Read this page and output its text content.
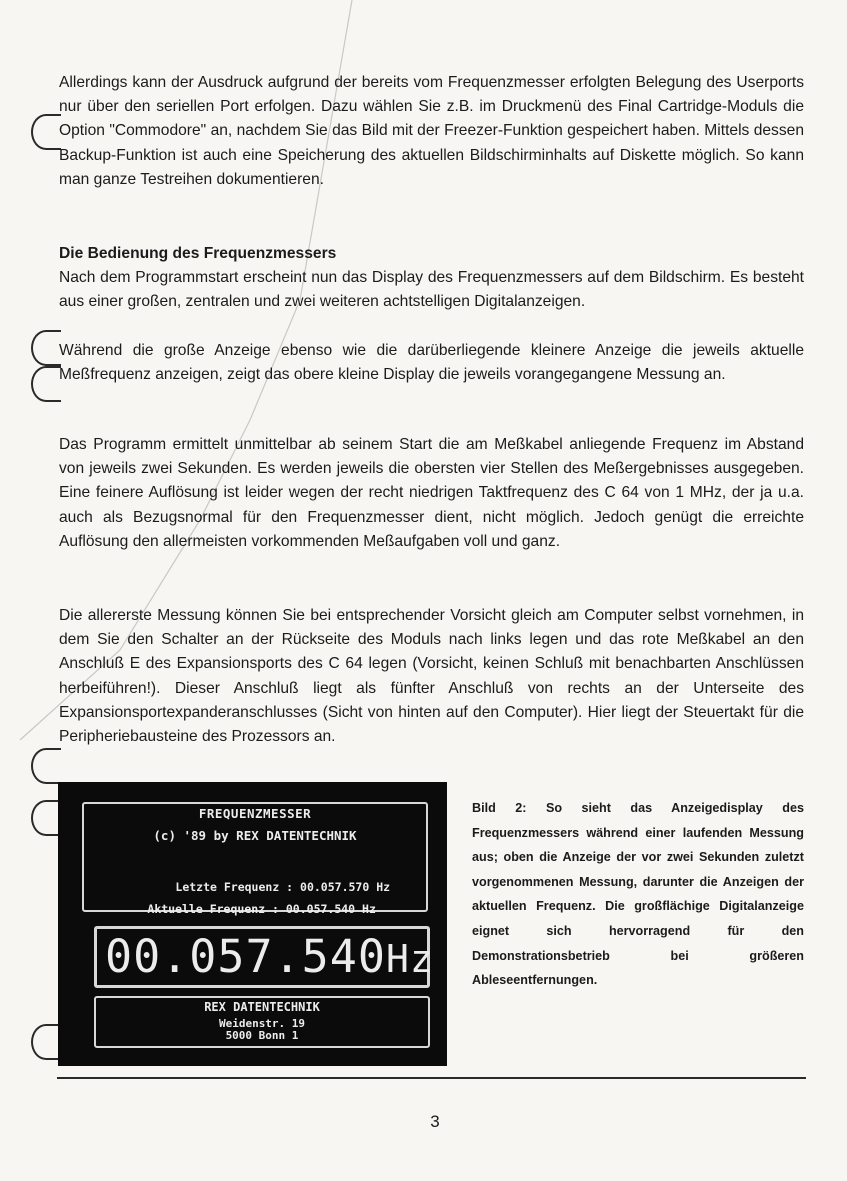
Allerdings kann der Ausdruck aufgrund der bereits vom Frequenzmesser erfolgten Belegung des Userports nur über den seriellen Port erfolgen. Dazu wählen Sie z.B. im Druckmenü des Final Cartridge-Moduls die Option "Commodore" an, nachdem Sie das Bild mit der Freezer-Funktion gespeichert haben. Mittels dessen Backup-Funktion ist auch eine Speicherung des aktuellen Bildschirminhalts auf Diskette möglich. So kann man ganze Testreihen dokumentieren.

Die Bedienung des Frequenzmessers

Nach dem Programmstart erscheint nun das Display des Frequenzmessers auf dem Bildschirm. Es besteht aus einer großen, zentralen und zwei weiteren achtstelligen Digitalanzeigen.

Während die große Anzeige ebenso wie die darüberliegende kleinere Anzeige die jeweils aktuelle Meßfrequenz anzeigen, zeigt das obere kleine Display die jeweils vorangegangene Messung an.

Das Programm ermittelt unmittelbar ab seinem Start die am Meßkabel anliegende Frequenz im Abstand von jeweils zwei Sekunden. Es werden jeweils die obersten vier Stellen des Meßergebnisses ausgegeben. Eine feinere Auflösung ist leider wegen der recht niedrigen Taktfrequenz des C 64 von 1 MHz, der ja u.a. auch als Bezugsnormal für den Frequenzmesser dient, nicht möglich. Jedoch genügt die erreichte Auflösung den allermeisten vorkommenden Meßaufgaben voll und ganz.

Die allererste Messung können Sie bei entsprechender Vorsicht gleich am Computer selbst vornehmen, in dem Sie den Schalter an der Rückseite des Moduls nach links legen und das rote Meßkabel an den Anschluß E des Expansionsports des C 64 legen (Vorsicht, keinen Schluß mit benachbarten Anschlüssen herbeiführen!). Dieser Anschluß liegt als fünfter Anschluß von rechts an der Unterseite des Expansionsportexpanderanschlusses (Sicht von hinten auf den Computer). Hier liegt der Steuertakt für die Peripheriebausteine des Prozessors an.

FREQUENZMESSER
(c) '89 by REX DATENTECHNIK

Letzte Frequenz : 00.057.570 Hz

Aktuelle Frequenz : 00.057.540 Hz

00.057.540Hz
REX DATENTECHNIK
Weidenstr. 19
5000 Bonn 1
Bild 2: So sieht das Anzeigedisplay des Frequenzmessers während einer laufenden Messung aus; oben die Anzeige der vor zwei Sekunden zuletzt vorgenommenen Messung, darunter die Anzeigen der aktuellen Frequenz. Die großflächige Digitalanzeige eignet sich hervorragend für den Demonstrationsbetrieb bei größeren Ableseentfernungen.
3
